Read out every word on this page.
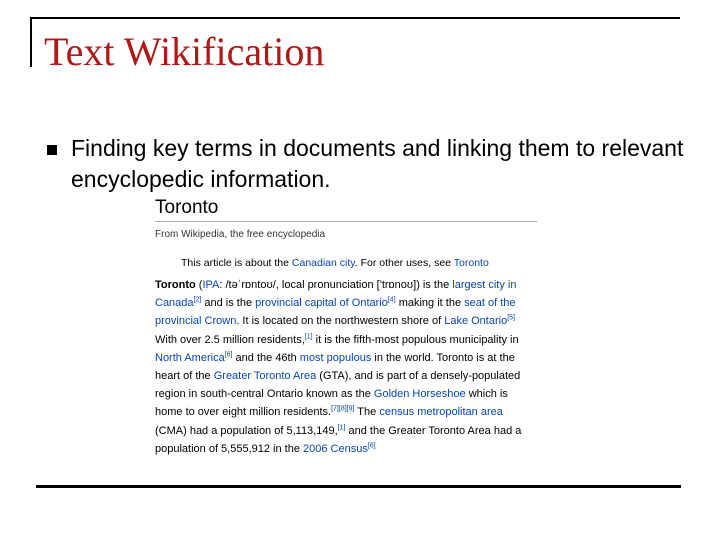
Text Wikification
Finding key terms in documents and linking them to relevant encyclopedic information.
Toronto
From Wikipedia, the free encyclopedia
This article is about the Canadian city. For other uses, see Toronto
Toronto (IPA: /təˈrɒntoʊ/, local pronunciation ['trɒnoʊ]) is the largest city in Canada[2] and is the provincial capital of Ontario[4] making it the seat of the provincial Crown. It is located on the northwestern shore of Lake Ontario[5] With over 2.5 million residents,[1] it is the fifth-most populous municipality in North America[6] and the 46th most populous in the world. Toronto is at the heart of the Greater Toronto Area (GTA), and is part of a densely-populated region in south-central Ontario known as the Golden Horseshoe which is home to over eight million residents.[7][8][9] The census metropolitan area (CMA) had a population of 5,113,149,[1] and the Greater Toronto Area had a population of 5,555,912 in the 2006 Census[6]
